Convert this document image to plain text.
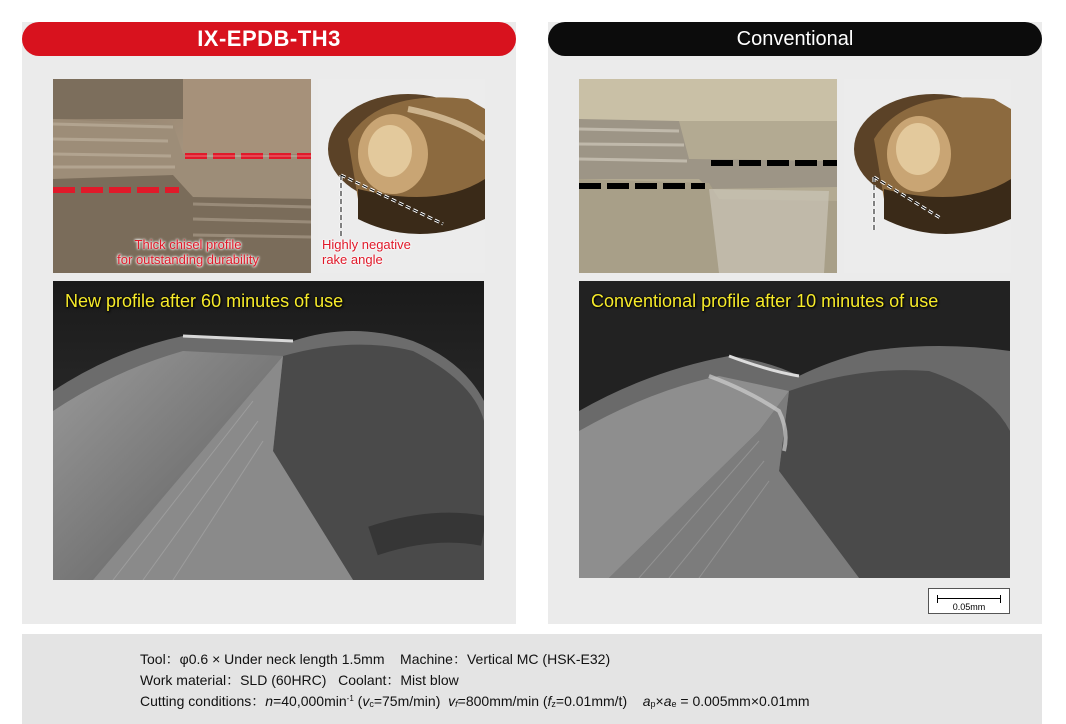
IX-EPDB-TH3
Thick chisel profile
for outstanding durability
Highly negative
rake angle
New profile after 60 minutes of use
Conventional
Conventional profile after 10 minutes of use
0.05mm
Tool：φ0.6 × Under neck length 1.5mm Machine：Vertical MC (HSK-E32)
Work material：SLD (60HRC) Coolant：Mist blow
Cutting conditions：$n=40,000\min^{-1}$ $(v_c=75m/\min)$ $v_f=800mm/\min$ $(f_z=0.01mm/t) a_p\times a_e = 0.005mm\times 0.01mm$
